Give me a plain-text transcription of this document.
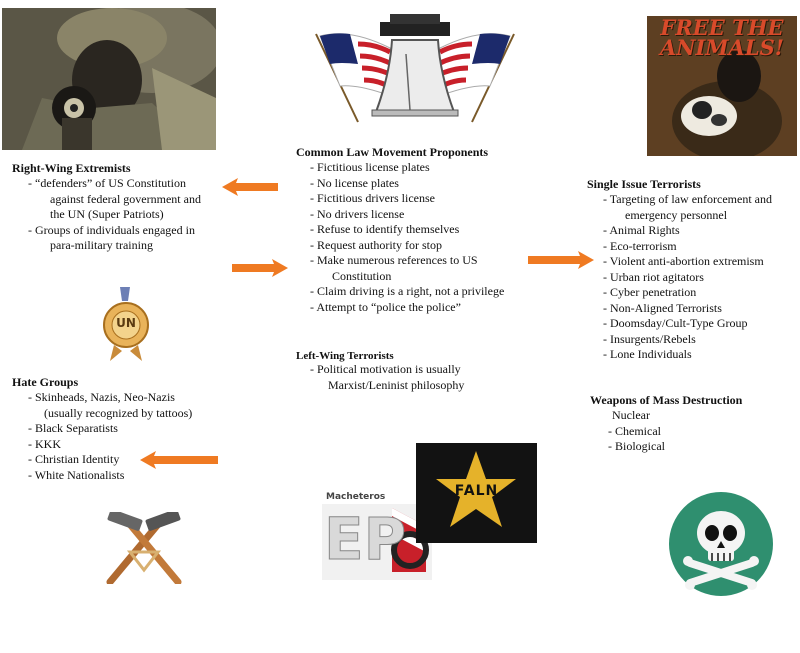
FREE THE ANIMALS!
Right-Wing Extremists
- “defenders” of US Constitution
against federal government and
the UN (Super Patriots)
- Groups of individuals engaged in
para-military training
Common Law Movement Proponents
- Fictitious license plates
- No license plates
- Fictitious drivers license
- No drivers license
- Refuse to identify themselves
- Request authority for stop
- Make numerous references to US
Constitution
- Claim driving is a right, not a privilege
- Attempt to “police the police”
Single Issue Terrorists
- Targeting of law enforcement and
emergency personnel
- Animal Rights
- Eco-terrorism
- Violent anti-abortion extremism
- Urban riot agitators
- Cyber penetration
- Non-Aligned Terrorists
- Doomsday/Cult-Type Group
- Insurgents/Rebels
- Lone Individuals
UN
Hate Groups
- Skinheads, Nazis, Neo-Nazis
(usually recognized by tattoos)
- Black Separatists
- KKK
- Christian Identity
- White Nationalists
Left-Wing Terrorists
- Political motivation is usually
Marxist/Leninist philosophy
Weapons of Mass Destruction
Nuclear
- Chemical
- Biological
Macheteros
EP
FALN
